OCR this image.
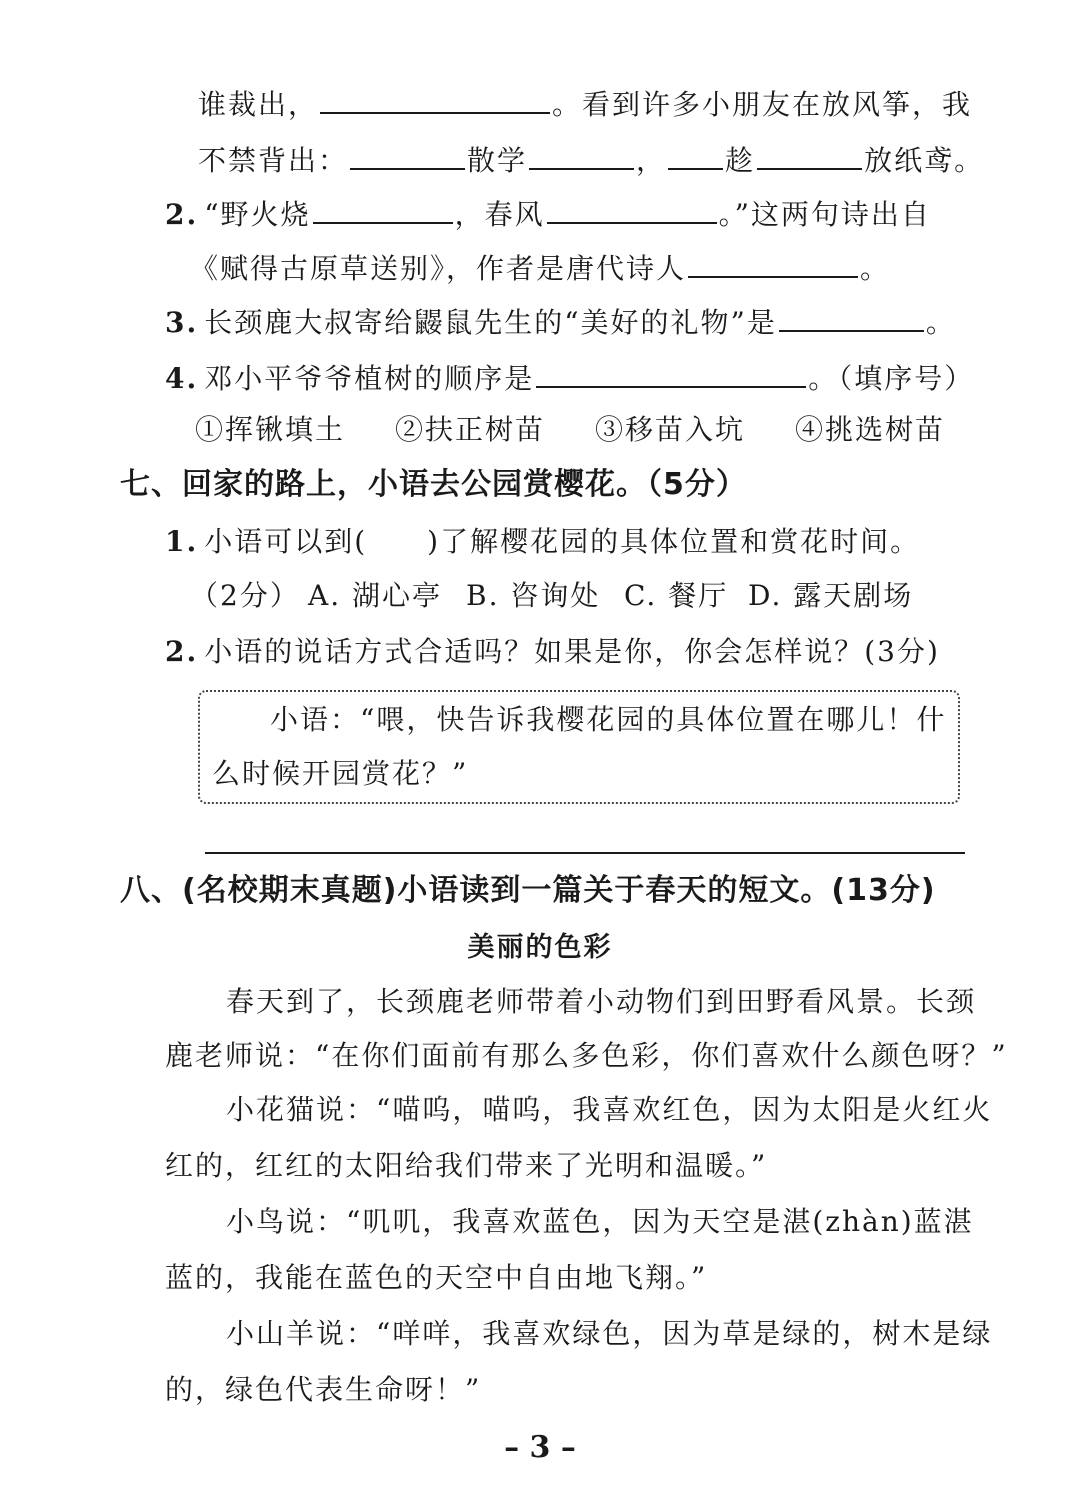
谁裁出，	。看到许多小朋友在放风筝，我
不禁背出：	散学	， 趁	放纸鸢。
2. “野火烧	，春风	。”这两句诗出自
《赋得古原草送别》，作者是唐代诗人	。
3. 长颈鹿大叔寄给鼹鼠先生的“美好的礼物”是	。
4. 邓小平爷爷植树的顺序是	。（填序号）
①挥锹填土 ②扶正树苗 ③移苗入坑 ④挑选树苗
七、回家的路上，小语去公园赏樱花。（5分）
1. 小语可以到(　　)了解樱花园的具体位置和赏花时间。
（2分） A. 湖心亭 B. 咨询处 C. 餐厅 D. 露天剧场
2. 小语的说话方式合适吗？如果是你，你会怎样说？(3分)
小语：“喂，快告诉我樱花园的具体位置在哪儿！什
么时候开园赏花？”
八、(名校期末真题)小语读到一篇关于春天的短文。(13分)
美丽的色彩
春天到了，长颈鹿老师带着小动物们到田野看风景。长颈
鹿老师说：“在你们面前有那么多色彩，你们喜欢什么颜色呀？”
小花猫说：“喵呜，喵呜，我喜欢红色，因为太阳是火红火
红的，红红的太阳给我们带来了光明和温暖。”
小鸟说：“叽叽，我喜欢蓝色，因为天空是湛(zhàn)蓝湛
蓝的，我能在蓝色的天空中自由地飞翔。”
小山羊说：“咩咩，我喜欢绿色，因为草是绿的，树木是绿
的，绿色代表生命呀！”
– 3 –
